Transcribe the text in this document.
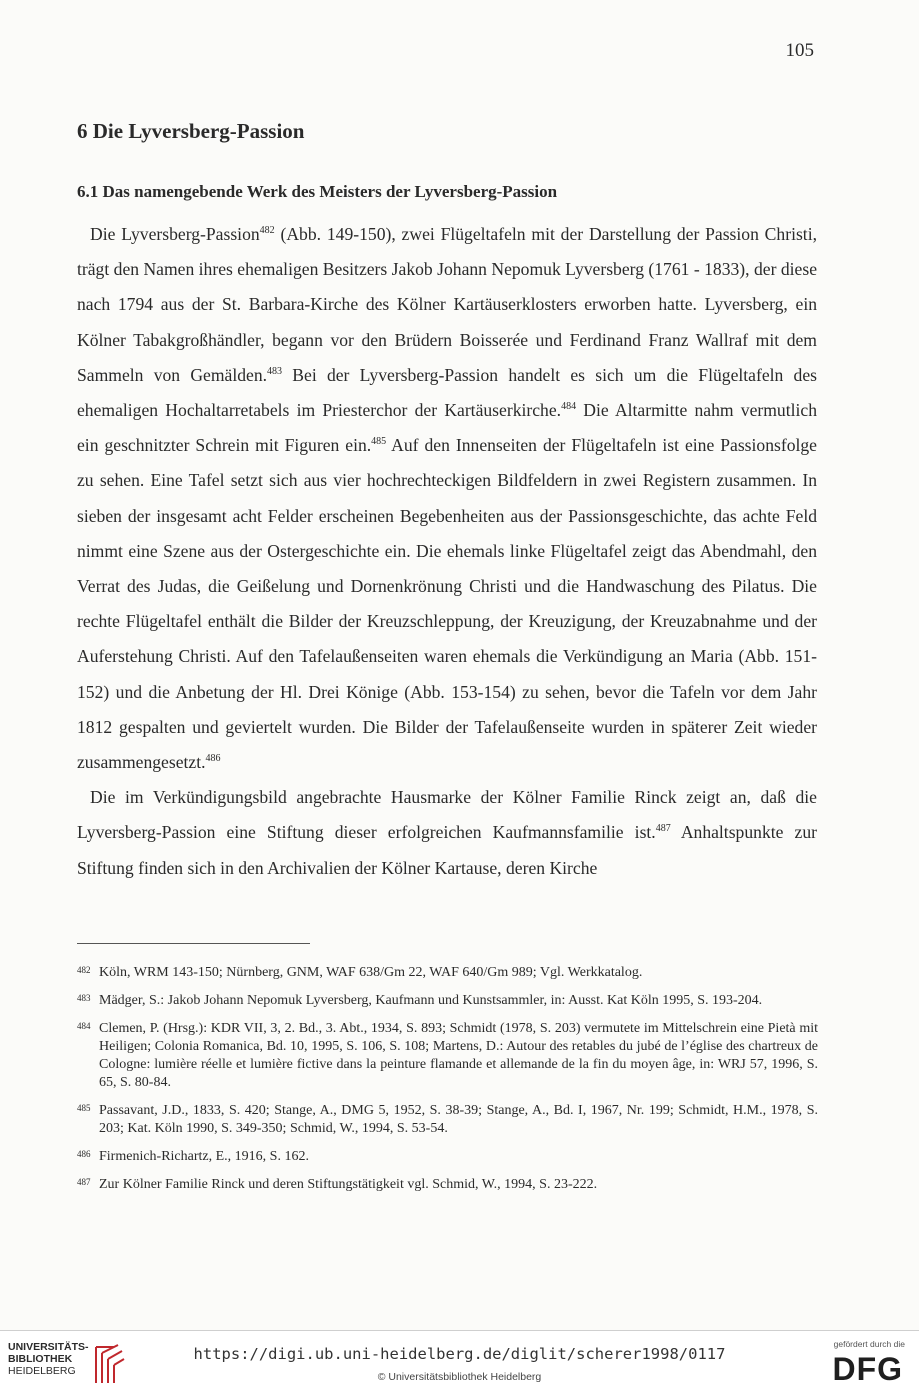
105
6 Die Lyversberg-Passion
6.1 Das namengebende Werk des Meisters der Lyversberg-Passion

Die Lyversberg-Passion$^{482}$ (Abb. 149-150), zwei Flügeltafeln mit der Darstellung der Passion Christi, trägt den Namen ihres ehemaligen Besitzers Jakob Johann Nepomuk Lyversberg (1761 - 1833), der diese nach 1794 aus der St. Barbara-Kirche des Kölner Kartäuserklosters erworben hatte. Lyversberg, ein Kölner Tabakgroßhändler, begann vor den Brüdern Boisserée und Ferdinand Franz Wallraf mit dem Sammeln von Gemälden.$^{483}$ Bei der Lyversberg-Passion handelt es sich um die Flügeltafeln des ehemaligen Hochaltarretabels im Priesterchor der Kartäuserkirche.$^{484}$ Die Altarmitte nahm vermutlich ein geschnitzter Schrein mit Figuren ein.$^{485}$ Auf den Innenseiten der Flügeltafeln ist eine Passionsfolge zu sehen. Eine Tafel setzt sich aus vier hochrechteckigen Bildfeldern in zwei Registern zusammen. In sieben der insgesamt acht Felder erscheinen Begebenheiten aus der Passionsgeschichte, das achte Feld nimmt eine Szene aus der Ostergeschichte ein. Die ehemals linke Flügeltafel zeigt das Abendmahl, den Verrat des Judas, die Geißelung und Dornenkrönung Christi und die Handwaschung des Pilatus. Die rechte Flügeltafel enthält die Bilder der Kreuzschleppung, der Kreuzigung, der Kreuzabnahme und der Auferstehung Christi. Auf den Tafelaußenseiten waren ehemals die Verkündigung an Maria (Abb. 151-152) und die Anbetung der Hl. Drei Könige (Abb. 153-154) zu sehen, bevor die Tafeln vor dem Jahr 1812 gespalten und geviertelt wurden. Die Bilder der Tafelaußenseite wurden in späterer Zeit wieder zusammengesetzt.$^{486}$

Die im Verkündigungsbild angebrachte Hausmarke der Kölner Familie Rinck zeigt an, daß die Lyversberg-Passion eine Stiftung dieser erfolgreichen Kaufmannsfamilie ist.$^{487}$ Anhaltspunkte zur Stiftung finden sich in den Archivalien der Kölner Kartause, deren Kirche

482 Köln, WRM 143-150; Nürnberg, GNM, WAF 638/Gm 22, WAF 640/Gm 989; Vgl. Werkkatalog.
483 Mädger, S.: Jakob Johann Nepomuk Lyversberg, Kaufmann und Kunstsammler, in: Ausst. Kat Köln 1995, S. 193-204.
484 Clemen, P. (Hrsg.): KDR VII, 3, 2. Bd., 3. Abt., 1934, S. 893; Schmidt (1978, S. 203) vermutete im Mittelschrein eine Pietà mit Heiligen; Colonia Romanica, Bd. 10, 1995, S. 106, S. 108; Martens, D.: Autour des retables du jubé de l’église des chartreux de Cologne: lumière réelle et lumière fictive dans la peinture flamande et allemande de la fin du moyen âge, in: WRJ 57, 1996, S. 65, S. 80-84.
485 Passavant, J.D., 1833, S. 420; Stange, A., DMG 5, 1952, S. 38-39; Stange, A., Bd. I, 1967, Nr. 199; Schmidt, H.M., 1978, S. 203; Kat. Köln 1990, S. 349-350; Schmid, W., 1994, S. 53-54.
486 Firmenich-Richartz, E., 1916, S. 162.
487 Zur Kölner Familie Rinck und deren Stiftungstätigkeit vgl. Schmid, W., 1994, S. 23-222.
UNIVERSITÄTS-
BIBLIOTHEK
HEIDELBERG
https://digi.ub.uni-heidelberg.de/diglit/scherer1998/0117
© Universitätsbibliothek Heidelberg
gefördert durch die
DFG
